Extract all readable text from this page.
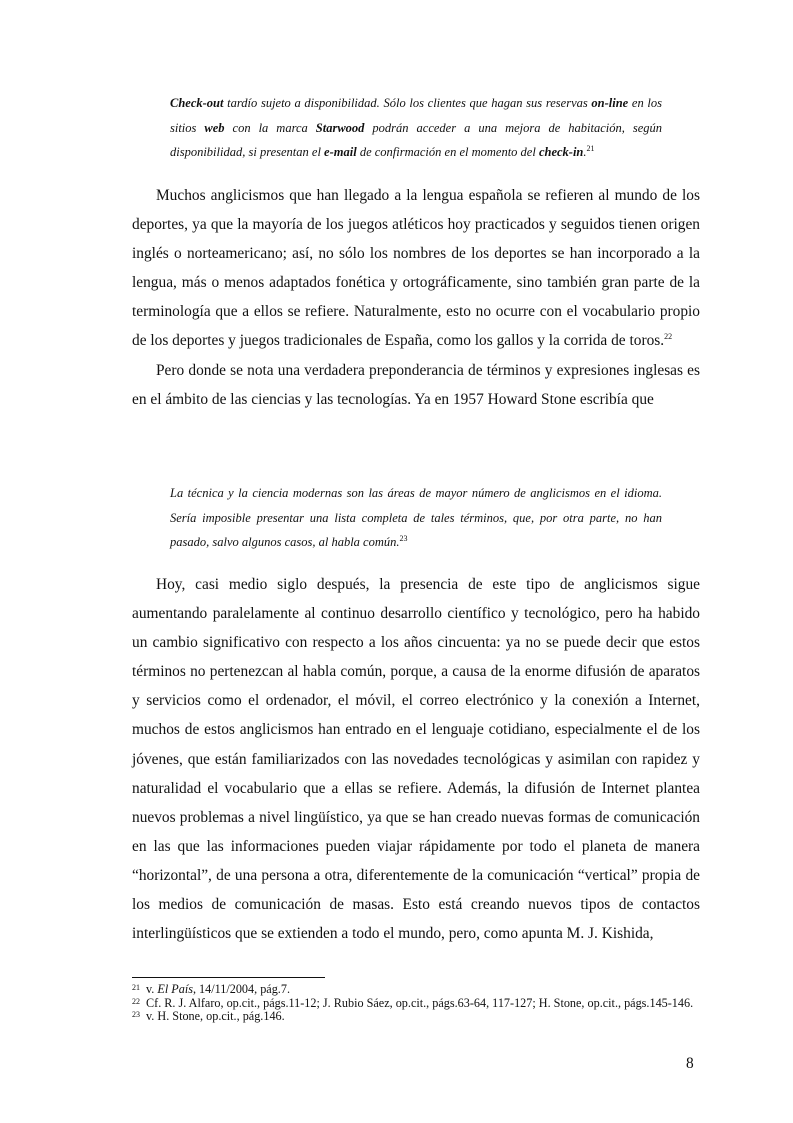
Check-out tardío sujeto a disponibilidad. Sólo los clientes que hagan sus reservas on-line en los sitios web con la marca Starwood podrán acceder a una mejora de habitación, según disponibilidad, si presentan el e-mail de confirmación en el momento del check-in.$^{21}$

Muchos anglicismos que han llegado a la lengua española se refieren al mundo de los deportes, ya que la mayoría de los juegos atléticos hoy practicados y seguidos tienen origen inglés o norteamericano; así, no sólo los nombres de los deportes se han incorporado a la lengua, más o menos adaptados fonética y ortográficamente, sino también gran parte de la terminología que a ellos se refiere. Naturalmente, esto no ocurre con el vocabulario propio de los deportes y juegos tradicionales de España, como los gallos y la corrida de toros.$^{22}$

Pero donde se nota una verdadera preponderancia de términos y expresiones inglesas es en el ámbito de las ciencias y las tecnologías. Ya en 1957 Howard Stone escribía que

La técnica y la ciencia modernas son las áreas de mayor número de anglicismos en el idioma. Sería imposible presentar una lista completa de tales términos, que, por otra parte, no han pasado, salvo algunos casos, al habla común.$^{23}$

Hoy, casi medio siglo después, la presencia de este tipo de anglicismos sigue aumentando paralelamente al continuo desarrollo científico y tecnológico, pero ha habido un cambio significativo con respecto a los años cincuenta: ya no se puede decir que estos términos no pertenezcan al habla común, porque, a causa de la enorme difusión de aparatos y servicios como el ordenador, el móvil, el correo electrónico y la conexión a Internet, muchos de estos anglicismos han entrado en el lenguaje cotidiano, especialmente el de los jóvenes, que están familiarizados con las novedades tecnológicas y asimilan con rapidez y naturalidad el vocabulario que a ellas se refiere. Además, la difusión de Internet plantea nuevos problemas a nivel lingüístico, ya que se han creado nuevas formas de comunicación en las que las informaciones pueden viajar rápidamente por todo el planeta de manera “horizontal”, de una persona a otra, diferentemente de la comunicación “vertical” propia de los medios de comunicación de masas. Esto está creando nuevos tipos de contactos interlingüísticos que se extienden a todo el mundo, pero, como apunta M. J. Kishida,

21 v. El País, 14/11/2004, pág.7.
22 Cf. R. J. Alfaro, op.cit., págs.11-12; J. Rubio Sáez, op.cit., págs.63-64, 117-127; H. Stone, op.cit., págs.145-146.
23 v. H. Stone, op.cit., pág.146.
8
